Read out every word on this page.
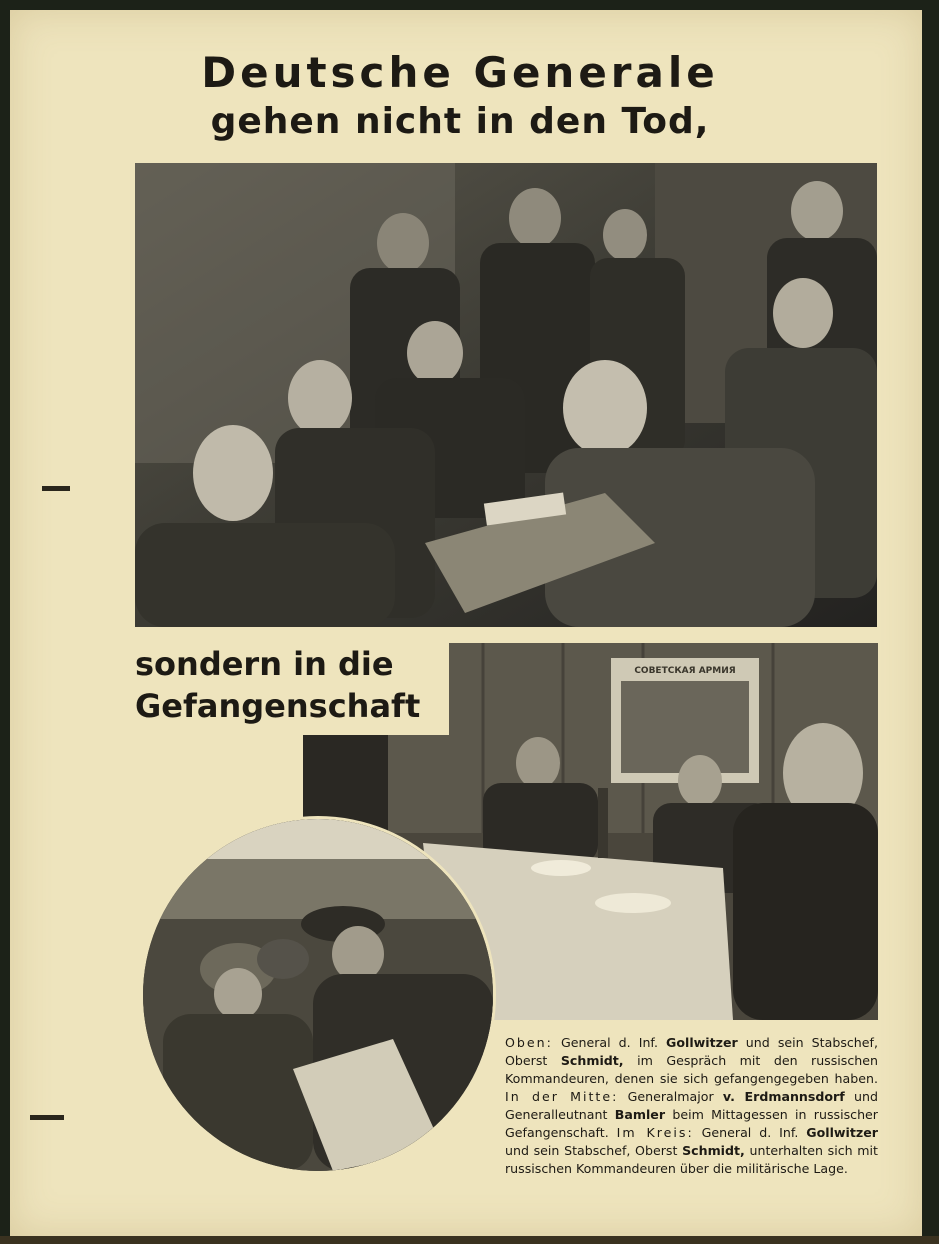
Deutsche Generale
gehen nicht in den Tod,
СОВЕТСКАЯ АРМИЯ
sondern in die
Gefangenschaft
Oben: General d. Inf. Gollwitzer und sein Stabschef, Oberst Schmidt, im Gespräch mit den russischen Kommandeuren, denen sie sich gefangengegeben haben. In der Mitte: Generalmajor v. Erdmannsdorf und Generalleutnant Bamler beim Mittagessen in russischer Gefangenschaft. Im Kreis: General d. Inf. Gollwitzer und sein Stabschef, Oberst Schmidt, unterhalten sich mit russischen Kommandeuren über die militärische Lage.
